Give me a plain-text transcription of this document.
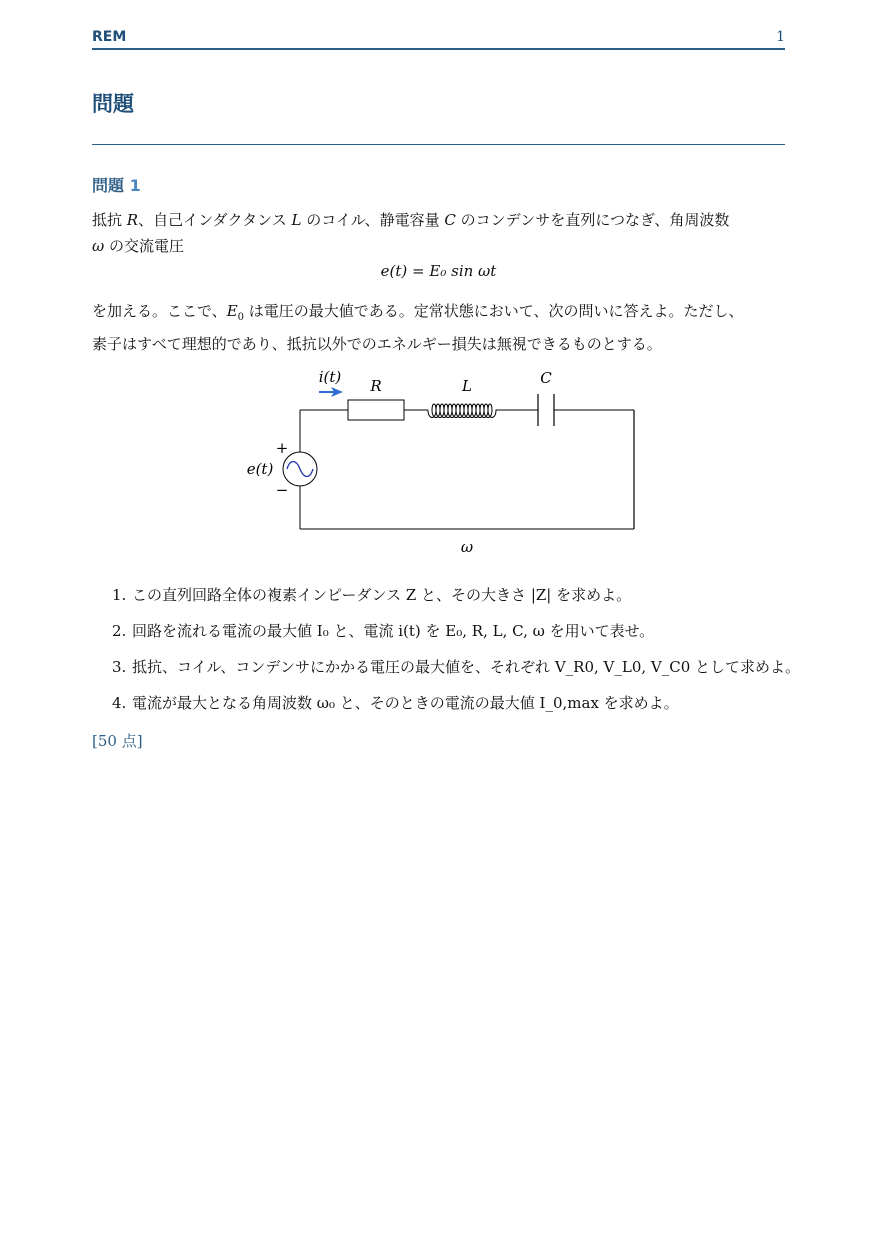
REM	1
問題
問題 1
抵抗 R、自己インダクタンス L のコイル、静電容量 C のコンデンサを直列につなぎ、角周波数
ω の交流電圧
e(t) = E₀ sin ωt
を加える。ここで、$E_0$ は電圧の最大値である。定常状態において、次の問いに答えよ。ただし、
素子はすべて理想的であり、抵抗以外でのエネルギー損失は無視できるものとする。
i(t) R	L	C
e(t)
+
−
ω
1. この直列回路全体の複素インピーダンス Z と、その大きさ |Z| を求めよ。
2. 回路を流れる電流の最大値 I₀ と、電流 i(t) を E₀, R, L, C, ω を用いて表せ。
3. 抵抗、コイル、コンデンサにかかる電圧の最大値を、それぞれ V_R0, V_L0, V_C0 として求めよ。
4. 電流が最大となる角周波数 ω₀ と、そのときの電流の最大値 I_0,max を求めよ。
[50 点]
